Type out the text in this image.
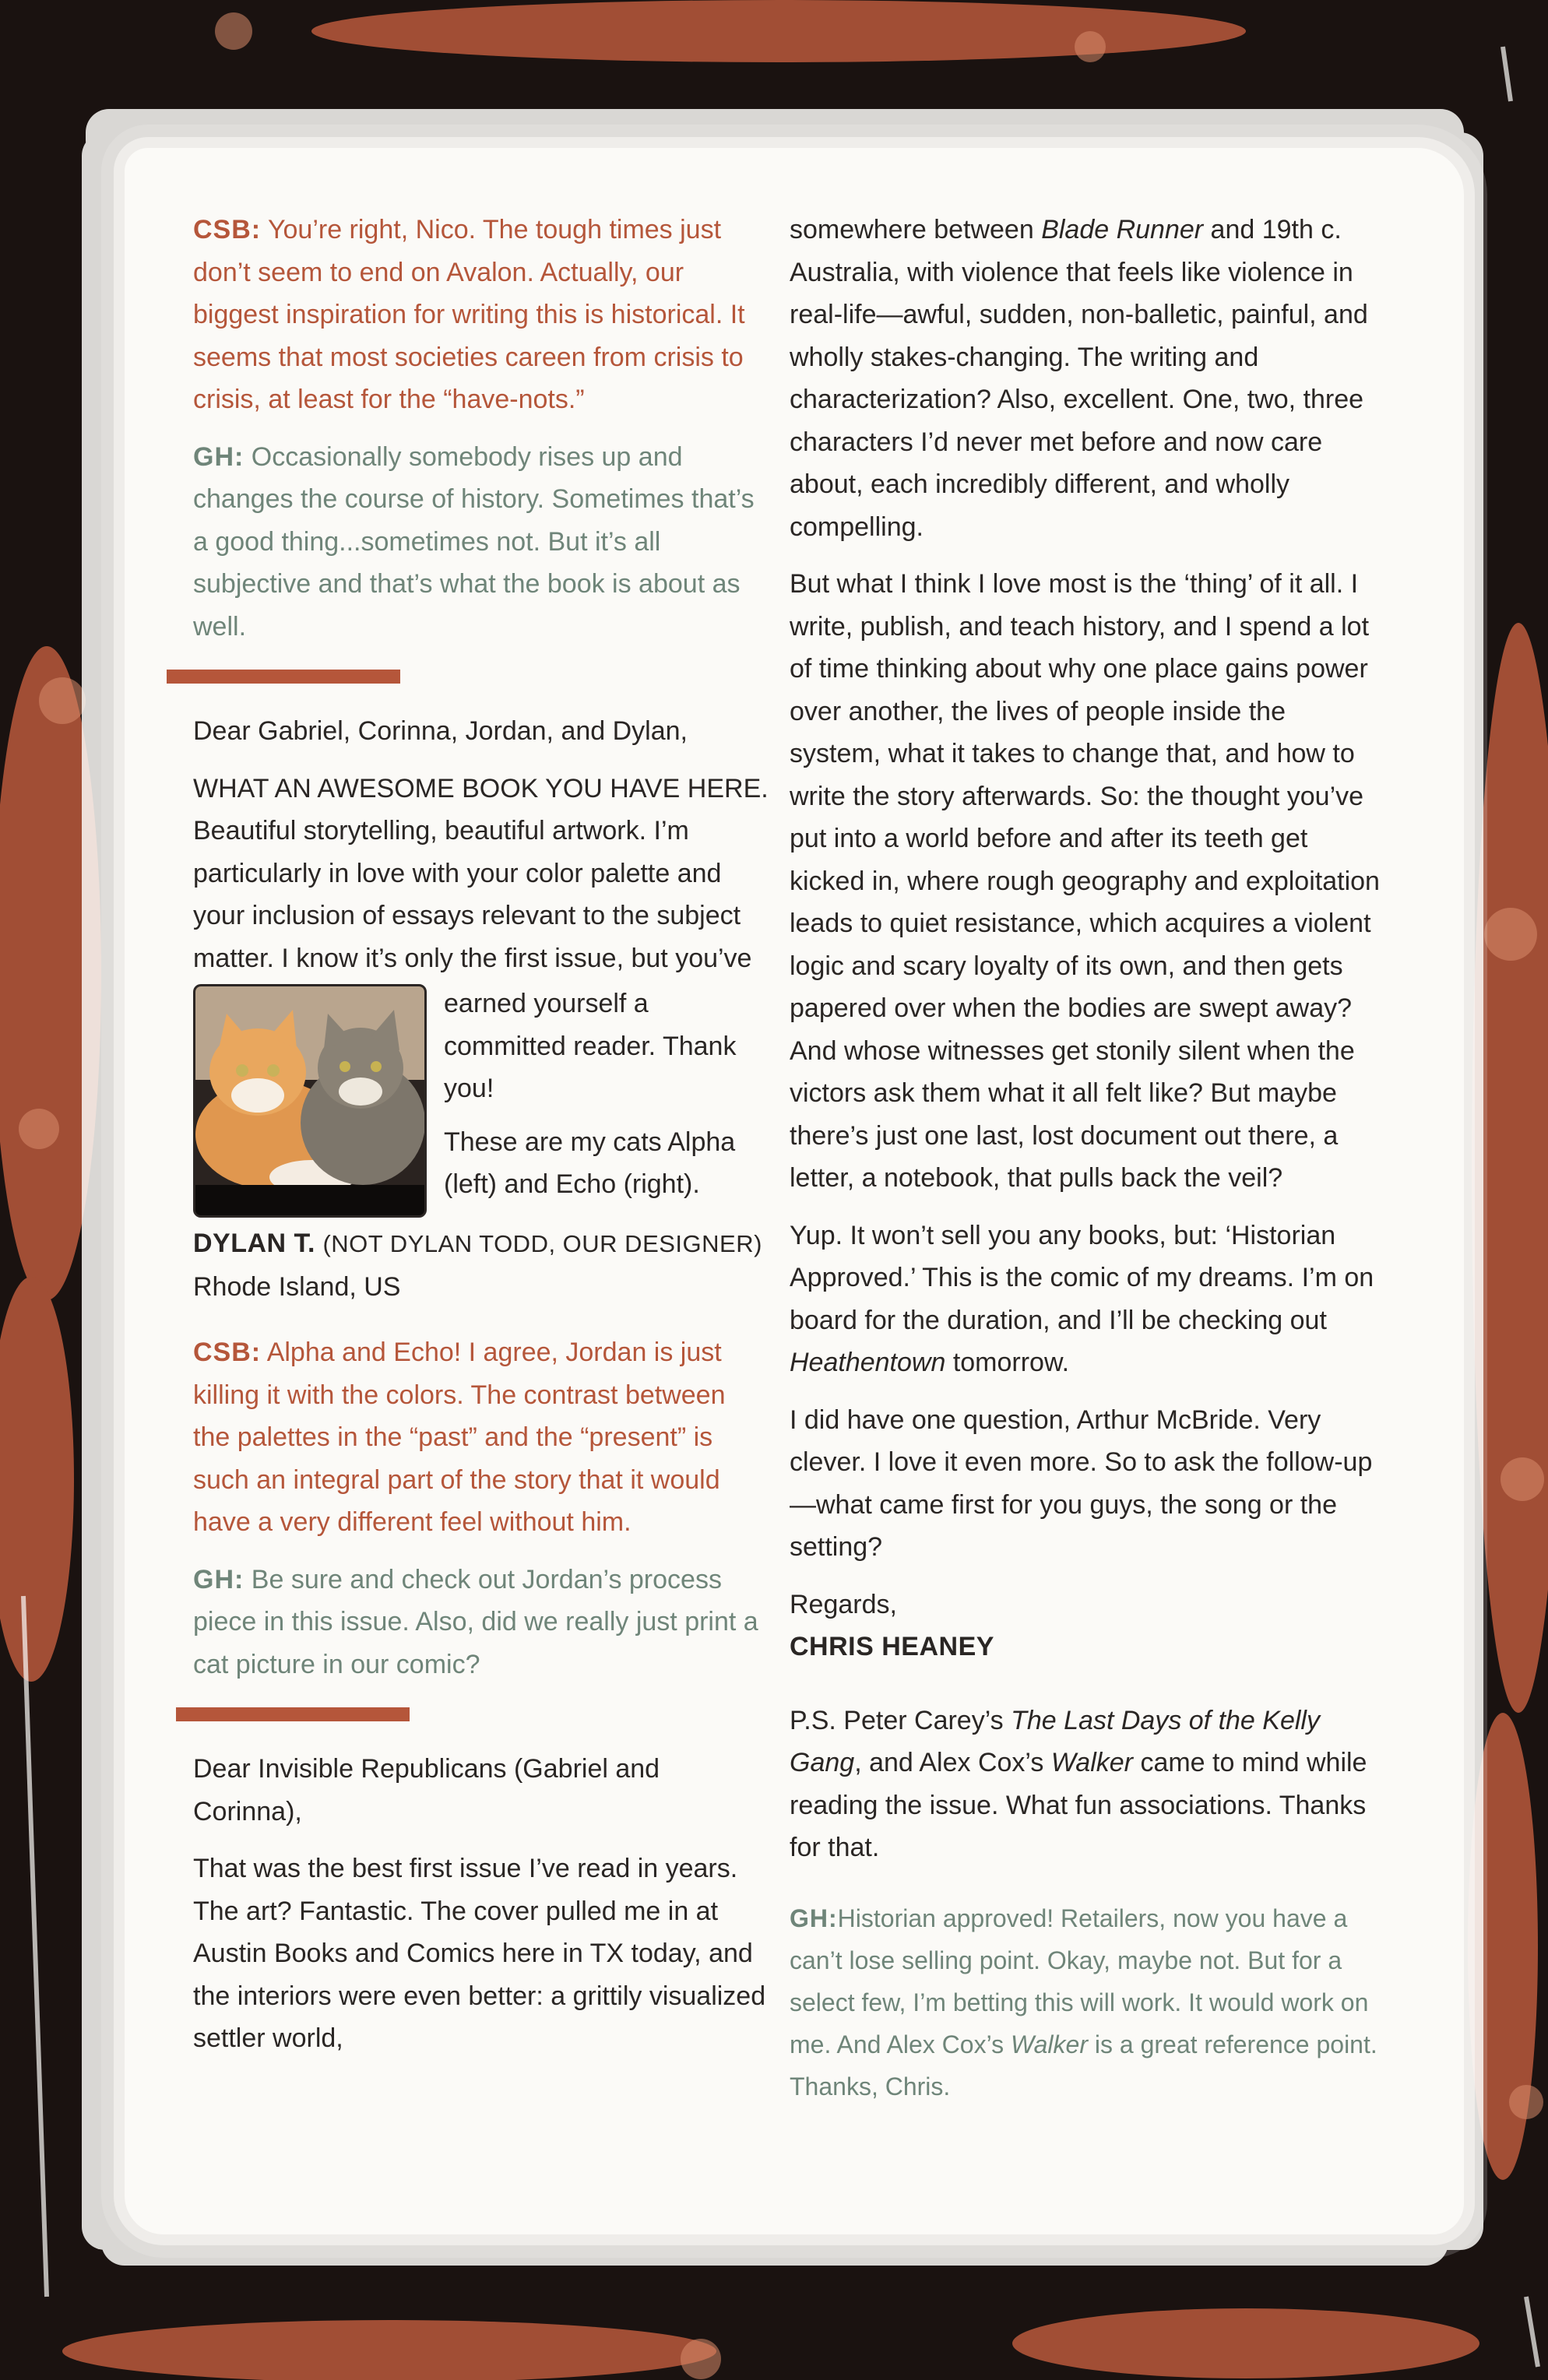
CSB: You’re right, Nico. The tough times just don’t seem to end on Avalon. Actually, our biggest inspiration for writing this is historical. It seems that most societies careen from crisis to crisis, at least for the “have-nots.”

GH: Occasionally somebody rises up and changes the course of history. Sometimes that’s a good thing...sometimes not. But it’s all subjective and that’s what the book is about as well.

Dear Gabriel, Corinna, Jordan, and Dylan,

WHAT AN AWESOME BOOK YOU HAVE HERE. Beautiful storytelling, beautiful artwork. I’m particularly in love with your color palette and your inclusion of essays relevant to the subject matter. I know it’s only the first issue, but you’ve

earned yourself a committed reader. Thank you!

These are my cats Alpha (left) and Echo (right).

DYLAN T. (NOT DYLAN TODD, OUR DESIGNER)
Rhode Island, US

CSB: Alpha and Echo! I agree, Jordan is just killing it with the colors. The contrast between the palettes in the “past” and the “present” is such an integral part of the story that it would have a very different feel without him.

GH: Be sure and check out Jordan’s process piece in this issue. Also, did we really just print a cat picture in our comic?

Dear Invisible Republicans (Gabriel and Corinna),

That was the best first issue I’ve read in years. The art? Fantastic. The cover pulled me in at Austin Books and Comics here in TX today, and the interiors were even better: a grittily visualized settler world,

somewhere between Blade Runner and 19th c. Australia, with violence that feels like violence in real-life—awful, sudden, non-balletic, painful, and wholly stakes-changing. The writing and characterization? Also, excellent. One, two, three characters I’d never met before and now care about, each incredibly different, and wholly compelling.

But what I think I love most is the ‘thing’ of it all. I write, publish, and teach history, and I spend a lot of time thinking about why one place gains power over another, the lives of people inside the system, what it takes to change that, and how to write the story afterwards. So: the thought you’ve put into a world before and after its teeth get kicked in, where rough geography and exploitation leads to quiet resistance, which acquires a violent logic and scary loyalty of its own, and then gets papered over when the bodies are swept away? And whose witnesses get stonily silent when the victors ask them what it all felt like? But maybe there’s just one last, lost document out there, a letter, a notebook, that pulls back the veil?

Yup. It won’t sell you any books, but: ‘Historian Approved.’ This is the comic of my dreams. I’m on board for the duration, and I’ll be checking out Heathentown tomorrow.

I did have one question, Arthur McBride. Very clever. I love it even more. So to ask the follow-up—what came first for you guys, the song or the setting?

Regards,
CHRIS HEANEY

P.S. Peter Carey’s The Last Days of the Kelly Gang, and Alex Cox’s Walker came to mind while reading the issue. What fun associations. Thanks for that.

GH:Historian approved! Retailers, now you have a can’t lose selling point. Okay, maybe not. But for a select few, I’m betting this will work. It would work on me. And Alex Cox’s Walker is a great reference point. Thanks, Chris.
